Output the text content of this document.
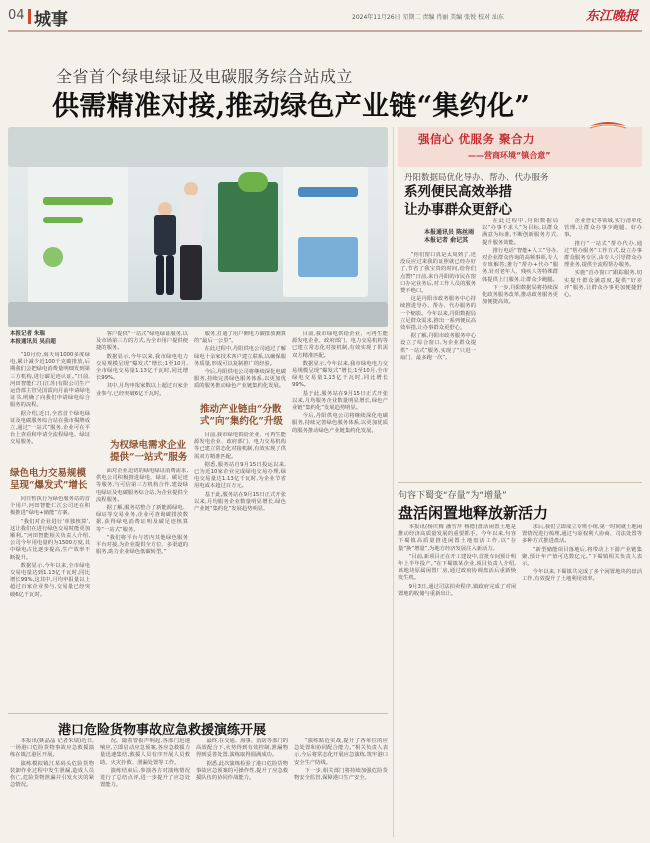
04 城事	2024年11月26日 星期二 责编 肖丽 美编 张悦 校对 汕东	东江晚报
全省首个绿电绿证及电碳服务综合站成立
供需精准对接,推动绿色产业链“集约化”
强信心 优服务 聚合力
——营商环境“镇合意”
丹阳数据局优化导办、帮办、代办服务
系列便民高效举措
让办事群众更舒心
本报通讯员 陈丝雨
本报记者 俞记其

“你们窗口真是太周到了,还没反应过来我的证照就已经办好了,节省了我宝贵的时间,给你们点赞!”日前,来自丹阳的市民在窗口办完业务后,对工作人员的服务赞不绝口。

这是丹阳市政务服务中心持续推进导办、帮办、代办服务的一个缩影。今年以来,丹阳数据局立足群众需求,推出一系列便民高效举措,让办事群众更舒心。

据了解,丹阳市政务服务中心设立了综合窗口,为企业群众提供“一站式”服务,实现了“只进一扇门、最多跑一次”。

在此过程中,丹阳数据局以“办事不求人”为目标,以群众满意为标准,不断创新服务方式,提升服务效能。

推行电话“智能+人工”导办,对企业群众咨询的高频事项,专人专班解答;推行“帮办+代办”服务,针对老年人、残疾人等特殊群体提供上门服务,让群众少跑腿。

下一步,丹阳数据局将持续深化政务服务改革,推动政务服务更加便捷高效。

企业登记等领域,实行清单化管理,让群众办事少跑腿、好办事。

推行“一站式”帮办代办,通过“帮办服务”工作方式,设立办事群众服务专区,由专人引导群众办理业务,提供全流程帮办服务。

实施“首办窗口”跟踪服务,切实提升群众满意度,提供“好差评”服务,让群众办事更加便捷舒心。

句容下蜀变“存量”为“增量”
盘活闲置地释放新活力

本报讯(杨庆梅 潘雪芹 杨德)盘活闲置土地是推动经济高质量发展的重要抓手。今年以来,句容下蜀镇高质量推进闲置土地盘活工作,以“存量”换“增量”,为地方经济发展注入新活力。

“目前,新项目正在开工建设中,首批车间预计明年上半年投产。”在下蜀镇某企业,项目负责人介绍,该地块原属闲置厂房,通过政府协调盘活后重新焕发生机。

9月3日,通过司法拍卖程序,镇政府完成了对闲置地的收储与重新出让。

求后,我们立即成立专班小组,第一时间就土地闲置情况进行梳理,通过与原权利人协商、司法处置等多种方式推进盘活。

“新型储能项目落地后,将带动上下游产业链集聚,预计年产值可达数亿元。”下蜀镇相关负责人表示。

今年以来,下蜀镇共完成了多个闲置地块的盘活工作,有效提升了土地利用效率。

本报记者 朱瑞
本报通讯员 吴启超

“10月份,海天用1000多度绿电,累计减少近100千克碳排放,后期我们会把绿电消费量明细发到第三方机构,进行碳足迹认证。”日前,河田智能仁江(江苏)有限公司生产运营部主管吴国霞向月前申请绿电证书,明确了向我们申请绿电综合服务的流程。

据介绍,近日,全省首个绿电绿证及电碳服务综合站在我市揭牌成立,通过“一站式”服务,企业可在平台上查看和申请全流程绿电、绿证交易服务。

绿色电力交易规模呈现“爆发式”增长

同日暂执行为绿色服务站的首个用户,河田智能仁江公司还在积极推进“绿电+储能”方案。

“我们对企业进行‘单独核算’,这让我们在进行绿色交易时能更加顺利。”河田智能相关负责人介绍,公司今年用电量约为1500万度,其中绿电占比逐步提高,生产效率不断提升。

数据显示,今年以来,全市绿电交易电量达到1.13亿千瓦时,同比增长99%,这其中,月均申报量以上超过百家企业参与,交易量已经突破6亿千瓦时。

客户提供“一站式”绿电绿证服务,以及市场第三方的方式,为全市用户提供便捷的服务。

数据显示,今年以来,我市绿电电力交易规模呈现“爆发式”增长;1至10月,全市绿电交易量1.13亿千瓦时,同比增长99%。

其中,月均申报家数以上超过百家企业参与,已经突破6亿千瓦时。

为权绿电需求企业提供“一站式”服务

面对企业迫切的绿电绿证消费需求,供电公司积极推进绿电、绿证、碳足迹等服务,与可信第三方机构合作,建设绿电绿证及电碳服务综合站,为企业提供全流程服务。

据了解,服务站整合了新能源绿电、绿证等交易业务,企业可查询碳排放数据,获得绿电消费证明及碳足迹核算等“一站式”服务。

“我们将平台与省内其他绿色服务平台对接,为企业提供全方位、多渠道的服务,助力企业绿色低碳转型。”

服务,打通了用户侧电力碳排放测算的“最后一公里”。

在此过程中,丹阳供电公司通过了解绿电十余家技术客户建立联系,以确保服务质量,形成可以复制推广的经验。

今后,丹阳供电公司将继续深化电碳服务,持续完善绿色服务体系,以更加优质的服务推动绿色产业链集约化发展。

推动产业链由“分散式”向“集约化”升级

目前,我市绿电供给企业、可再生能源发电企业、政府部门、电力交易机构等已建立常态化对接机制,有效实现了供需双方精准匹配。

据悉,服务站自9月15日投运以来,已为近10家企业完成绿电交易办理,绿电交易量达1.13亿千瓦时,为企业节省用电成本超过百万元。

基于此,服务站在9月15日正式开张以来,月均服务企业数量明显增长,绿色产业链“集约化”发展趋势明显。

目前,我市绿电供给企业、可再生能源发电企业、政府部门、电力交易机构等已建立常态化对接机制,有效实现了供需双方精准匹配。

数据显示,今年以来,我市绿电电力交易规模呈现“爆发式”增长;1至10月,全市绿电交易量1.13亿千瓦时,同比增长99%。

基于此,服务站在9月15日正式开张以来,月均服务企业数量明显增长,绿色产业链“集约化”发展趋势明显。

今后,丹阳供电公司将继续深化电碳服务,持续完善绿色服务体系,以更加优质的服务推动绿色产业链集约化发展。

港口危险货物事故应急救援演练开展

本报讯(姚晶晶 记者朱瑞)近日,一场港口危险货物事故应急救援演练在镇江港区开展。

演练模拟镇江某码头危险货物装卸作业过程中发生泄漏,造成人员伤亡,危险货物泄漏并引发火灾的紧急情况。

况。随着警报声响起,各部门迅速响应,立即启动应急预案,各应急救援力量迅速集结,救援人员有序开展人员救助、火灾扑救、泄漏处置等工作。

演练结束后,参演各方对演练情况进行了总结点评,进一步提升了应急处置能力。

最终,在交通、海事、消防等部门的高效配合下,火势得到有效控制,泄漏物得到妥善处置,演练取得圆满成功。

据悉,此次演练检验了港口危险货物事故应急预案的可操作性,提升了应急救援队伍的协同作战能力。

“演练贴近实战,提升了各单位的应急处置和协同配合能力。”相关负责人表示,今后将常态化开展应急演练,筑牢港口安全生产防线。

下一步,相关部门将持续加强危险货物安全监管,保障港口生产安全。
